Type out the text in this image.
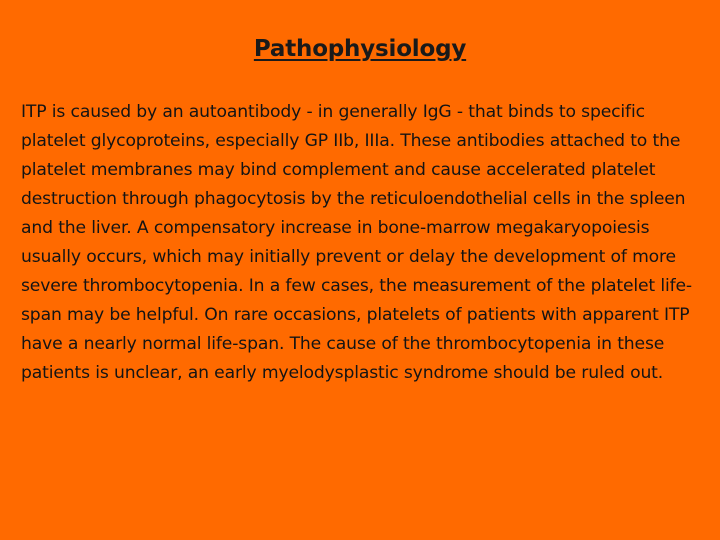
Pathophysiology

ITP is caused by an autoantibody - in generally IgG - that binds to specific platelet glycoproteins, especially GP IIb, IIIa. These antibodies attached to the platelet membranes may bind complement and cause accelerated platelet destruction through phagocytosis by the reticuloendothelial cells in the spleen and the liver. A compensatory increase in bone-marrow megakaryopoiesis usually occurs, which may initially prevent or delay the development of more severe thrombocytopenia. In a few cases, the measurement of the platelet life-span may be helpful. On rare occasions, platelets of patients with apparent ITP have a nearly normal life-span. The cause of the thrombocytopenia in these patients is unclear, an early myelodysplastic syndrome should be ruled out.
